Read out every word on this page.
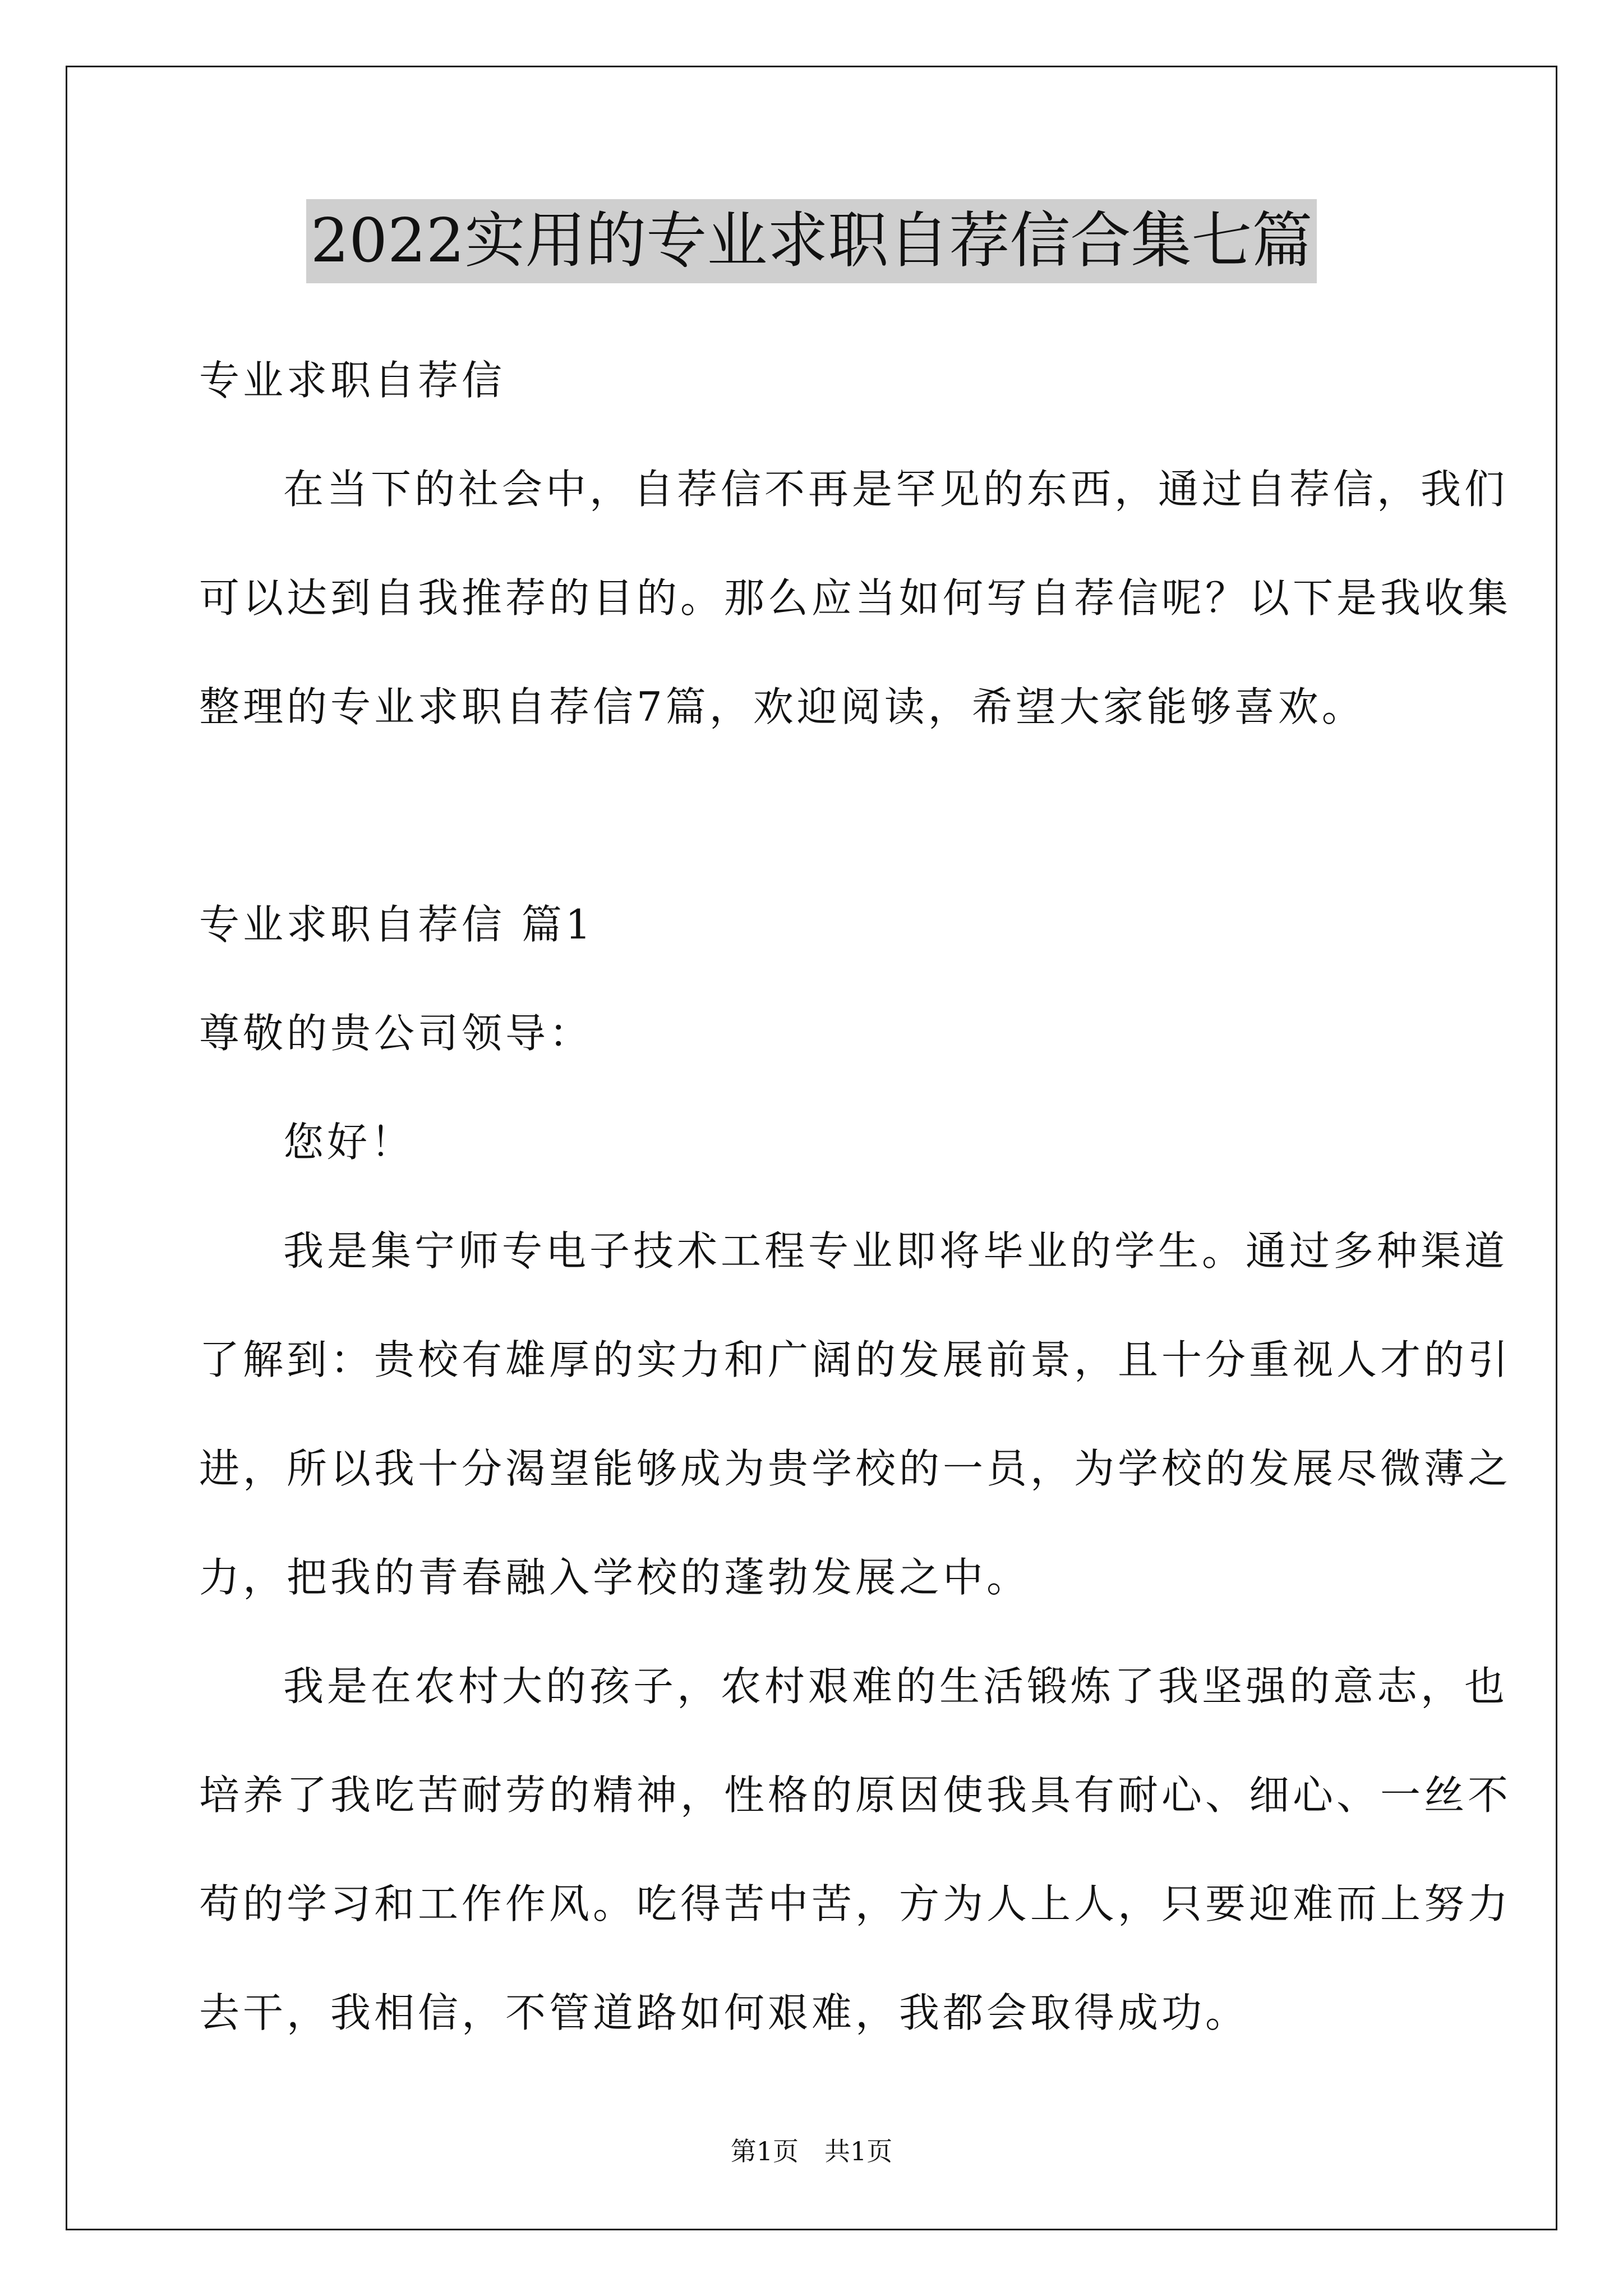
2022实用的专业求职自荐信合集七篇
专业求职自荐信
在当下的社会中，自荐信不再是罕见的东西，通过自荐信，我们
可以达到自我推荐的目的。那么应当如何写自荐信呢？以下是我收集
整理的专业求职自荐信7篇，欢迎阅读，希望大家能够喜欢。
专业求职自荐信 篇1
尊敬的贵公司领导：
您好！
我是集宁师专电子技术工程专业即将毕业的学生。通过多种渠道
了解到：贵校有雄厚的实力和广阔的发展前景，且十分重视人才的引
进，所以我十分渴望能够成为贵学校的一员，为学校的发展尽微薄之
力，把我的青春融入学校的蓬勃发展之中。
我是在农村大的孩子，农村艰难的生活锻炼了我坚强的意志，也
培养了我吃苦耐劳的精神，性格的原因使我具有耐心、细心、一丝不
苟的学习和工作作风。吃得苦中苦，方为人上人，只要迎难而上努力
去干，我相信，不管道路如何艰难，我都会取得成功。
第1页　共1页
